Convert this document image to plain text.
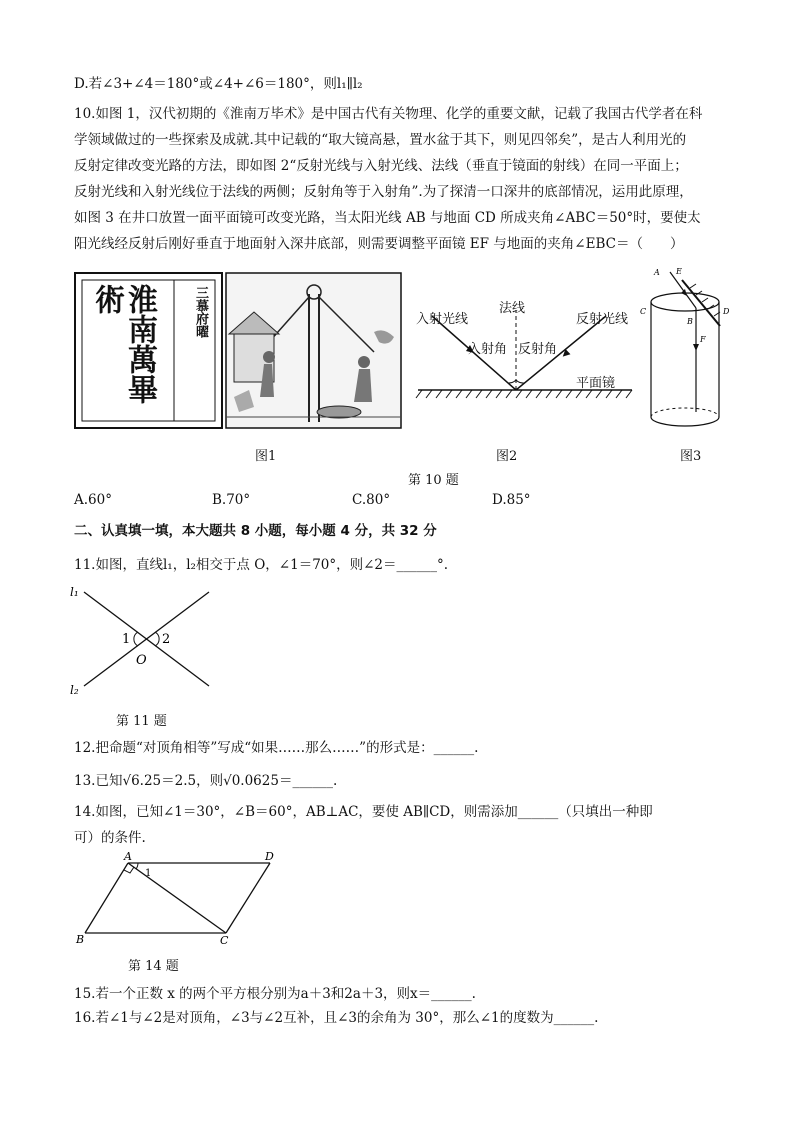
D.若∠3+∠4＝180°或∠4+∠6＝180°，则l₁∥l₂
10.如图 1，汉代初期的《淮南万毕术》是中国古代有关物理、化学的重要文献，记载了我国古代学者在科
学领域做过的一些探索及成就.其中记载的“取大镜高悬，置水盆于其下，则见四邻矣”，是古人利用光的
反射定律改变光路的方法，即如图 2“反射光线与入射光线、法线（垂直于镜面的射线）在同一平面上；
反射光线和入射光线位于法线的两侧；反射角等于入射角”.为了探清一口深井的底部情况，运用此原理，
如图 3 在井口放置一面平面镜可改变光路，当太阳光线 AB 与地面 CD 所成夹角∠ABC＝50°时，要使太
阳光线经反射后刚好垂直于地面射入深井底部，则需要调整平面镜 EF 与地面的夹角∠EBC＝（　　）
淮南萬畢術	三慕府曜	入射光线
法线
反射光线
入射角 反射角
平面镜
A E
B
F
C	D
图1	图2	图3
第 10 题
A.60°	B.70°	C.80°	D.85°
二、认真填一填，本大题共 8 小题，每小题 4 分，共 32 分
11.如图，直线l₁，l₂相交于点 O，∠1＝70°，则∠2＝______°.
l₁
l₂
1 2
O
第 11 题
12.把命题“对顶角相等”写成“如果……那么……”的形式是：______.
13.已知√6.25＝2.5，则√0.0625＝______.
14.如图，已知∠1＝30°，∠B＝60°，AB⊥AC，要使 AB∥CD，则需添加______（只填出一种即
可）的条件.
A	D
B	C
1
第 14 题
15.若一个正数 x 的两个平方根分别为a＋3和2a＋3，则x＝______.
16.若∠1与∠2是对顶角，∠3与∠2互补，且∠3的余角为 30°，那么∠1的度数为______.
